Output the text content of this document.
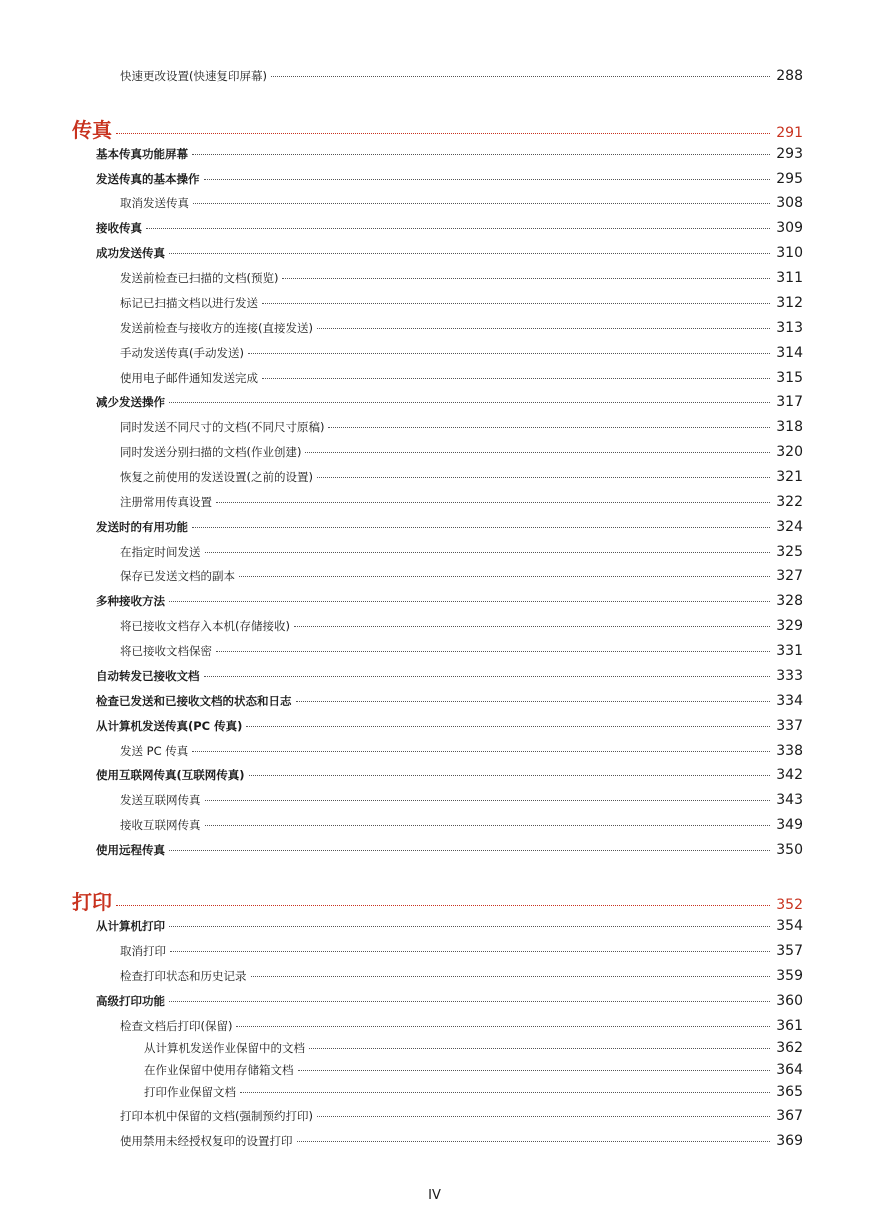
快速更改设置(快速复印屏幕)	288
传真	291
基本传真功能屏幕	293
发送传真的基本操作	295
取消发送传真	308
接收传真	309
成功发送传真	310
发送前检查已扫描的文档(预览)	311
标记已扫描文档以进行发送	312
发送前检查与接收方的连接(直接发送)	313
手动发送传真(手动发送)	314
使用电子邮件通知发送完成	315
减少发送操作	317
同时发送不同尺寸的文档(不同尺寸原稿)	318
同时发送分别扫描的文档(作业创建)	320
恢复之前使用的发送设置(之前的设置)	321
注册常用传真设置	322
发送时的有用功能	324
在指定时间发送	325
保存已发送文档的副本	327
多种接收方法	328
将已接收文档存入本机(存储接收)	329
将已接收文档保密	331
自动转发已接收文档	333
检查已发送和已接收文档的状态和日志	334
从计算机发送传真(PC 传真)	337
发送 PC 传真	338
使用互联网传真(互联网传真)	342
发送互联网传真	343
接收互联网传真	349
使用远程传真	350
打印	352
从计算机打印	354
取消打印	357
检查打印状态和历史记录	359
高级打印功能	360
检查文档后打印(保留)	361
从计算机发送作业保留中的文档	362
在作业保留中使用存储箱文档	364
打印作业保留文档	365
打印本机中保留的文档(强制预约打印)	367
使用禁用未经授权复印的设置打印	369
IV
